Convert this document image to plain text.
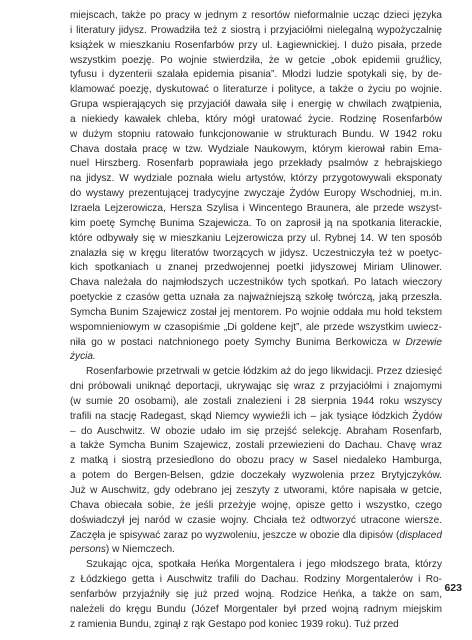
miejscach, także po pracy w jednym z resortów nieformalnie ucząc dzieci języka
i literatury jidysz. Prowadziła też z siostrą i przyjaciółmi nielegalną wypożyczalnię
książek w mieszkaniu Rosenfarbów przy ul. Łagiewnickiej. I dużo pisała, przede
wszystkim poezję. Po wojnie stwierdziła, że w getcie „obok epidemii gruźlicy,
tyfusu i dyzenterii szalała epidemia pisania”. Młodzi ludzie spotykali się, by de-
klamować poezję, dyskutować o literaturze i polityce, a także o życiu po wojnie.
Grupa wspierających się przyjaciół dawała siłę i energię w chwilach zwątpienia,
a niekiedy kawałek chleba, który mógł uratować życie. Rodzinę Rosenfarbów
w dużym stopniu ratowało funkcjonowanie w strukturach Bundu. W 1942 roku
Chava dostała pracę w tzw. Wydziale Naukowym, którym kierował rabin Ema-
nuel Hirszberg. Rosenfarb poprawiała jego przekłady psalmów z hebrajskiego
na jidysz. W wydziale poznała wielu artystów, którzy przygotowywali eksponaty
do wystawy prezentującej tradycyjne zwyczaje Żydów Europy Wschodniej, m.in.
Izraela Lejzerowicza, Hersza Szylisa i Wincentego Braunera, ale przede wszyst-
kim poetę Symchę Bunima Szajewicza. To on zaprosił ją na spotkania literackie,
które odbywały się w mieszkaniu Lejzerowicza przy ul. Rybnej 14. W ten sposób
znalazła się w kręgu literatów tworzących w jidysz. Uczestniczyła też w poetyc-
kich spotkaniach u znanej przedwojennej poetki jidyszowej Miriam Ulinower.
Chava należała do najmłodszych uczestników tych spotkań. Po latach wieczory
poetyckie z czasów getta uznała za najważniejszą szkołę twórczą, jaką przeszła.
Symcha Bunim Szajewicz został jej mentorem. Po wojnie oddała mu hołd tekstem
wspomnieniowym w czasopiśmie „Di goldene kejt”, ale przede wszystkim uwiecz-
niła go w postaci natchnionego poety Symchy Bunima Berkowicza w Drzewie
życia.
Rosenfarbowie przetrwali w getcie łódzkim aż do jego likwidacji. Przez dziesięć
dni próbowali uniknąć deportacji, ukrywając się wraz z przyjaciółmi i znajomymi
(w sumie 20 osobami), ale zostali znalezieni i 28 sierpnia 1944 roku wszyscy
trafili na stację Radegast, skąd Niemcy wywieźli ich – jak tysiące łódzkich Żydów
– do Auschwitz. W obozie udało im się przejść selekcję. Abraham Rosenfarb,
a także Symcha Bunim Szajewicz, zostali przewiezieni do Dachau. Chavę wraz
z matką i siostrą przesiedlono do obozu pracy w Sasel niedaleko Hamburga,
a potem do Bergen-Belsen, gdzie doczekały wyzwolenia przez Brytyjczyków.
Już w Auschwitz, gdy odebrano jej zeszyty z utworami, które napisała w getcie,
Chava obiecała sobie, że jeśli przeżyje wojnę, opisze getto i wszystko, czego
doświadczył jej naród w czasie wojny. Chciała też odtworzyć utracone wiersze.
Zaczęła je spisywać zaraz po wyzwoleniu, jeszcze w obozie dla dipisów (displaced
persons) w Niemczech.
Szukając ojca, spotkała Heńka Morgentalera i jego młodszego brata, którzy
z Łódzkiego getta i Auschwitz trafili do Dachau. Rodziny Morgentalerów i Ro-
senfarbów przyjaźniły się już przed wojną. Rodzice Heńka, a także on sam,
należeli do kręgu Bundu (Józef Morgentaler był przed wojną radnym miejskim
z ramienia Bundu, zginął z rąk Gestapo pod koniec 1939 roku). Tuż przed
623
